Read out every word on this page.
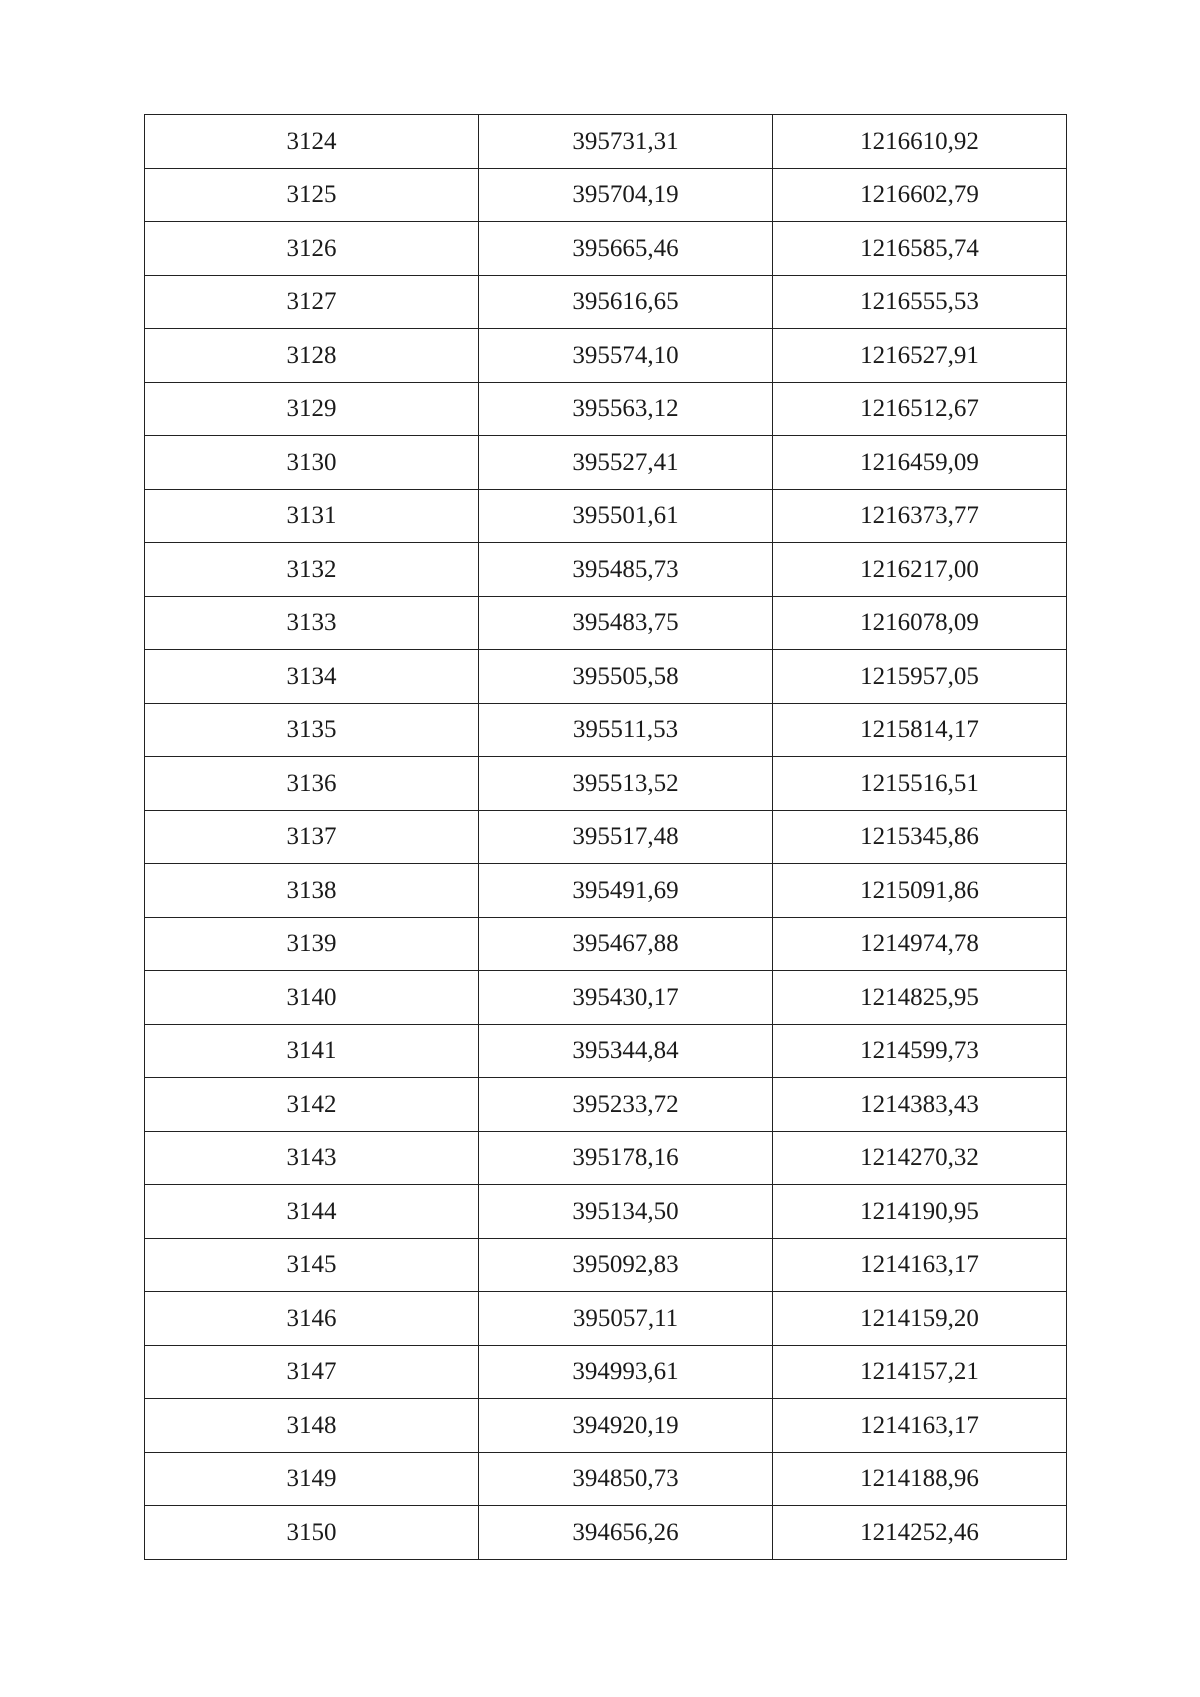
3124	395731,31	1216610,92
3125	395704,19	1216602,79
3126	395665,46	1216585,74
3127	395616,65	1216555,53
3128	395574,10	1216527,91
3129	395563,12	1216512,67
3130	395527,41	1216459,09
3131	395501,61	1216373,77
3132	395485,73	1216217,00
3133	395483,75	1216078,09
3134	395505,58	1215957,05
3135	395511,53	1215814,17
3136	395513,52	1215516,51
3137	395517,48	1215345,86
3138	395491,69	1215091,86
3139	395467,88	1214974,78
3140	395430,17	1214825,95
3141	395344,84	1214599,73
3142	395233,72	1214383,43
3143	395178,16	1214270,32
3144	395134,50	1214190,95
3145	395092,83	1214163,17
3146	395057,11	1214159,20
3147	394993,61	1214157,21
3148	394920,19	1214163,17
3149	394850,73	1214188,96
3150	394656,26	1214252,46
